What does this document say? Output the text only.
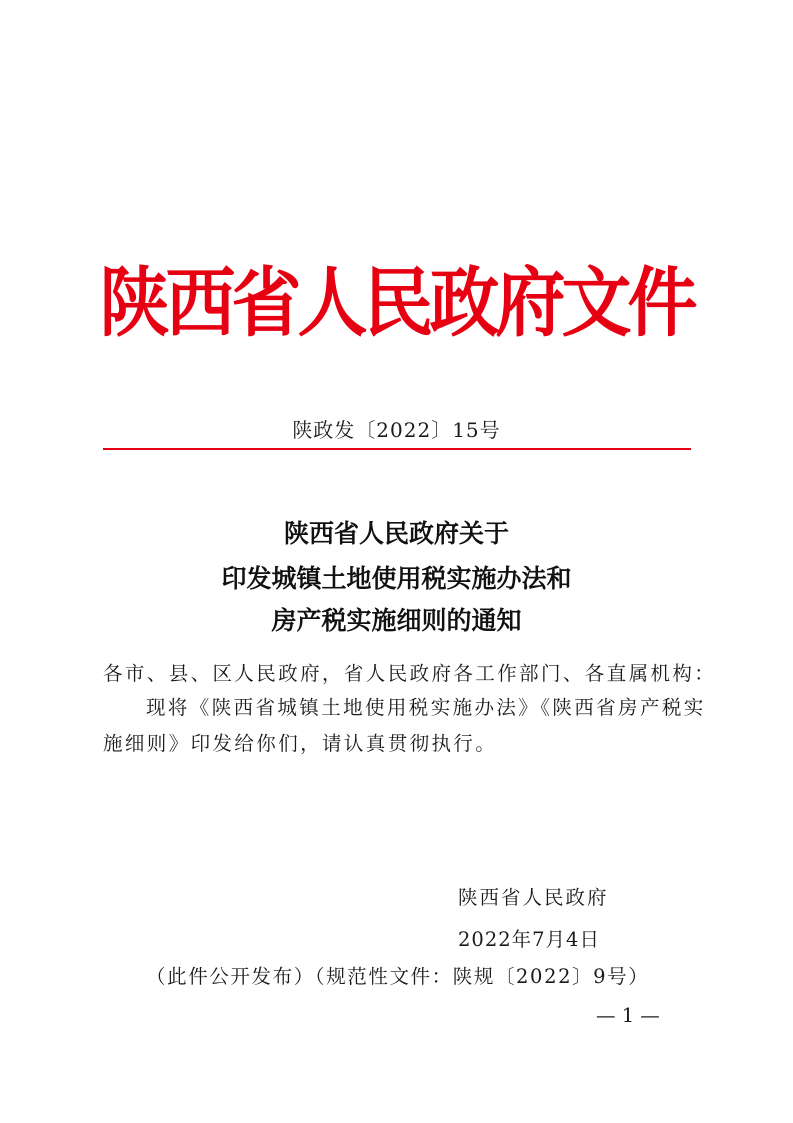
陕西省人民政府文件
陕政发〔2022〕15号
陕西省人民政府关于
印发城镇土地使用税实施办法和
房产税实施细则的通知
各市、县、区人民政府，省人民政府各工作部门、各直属机构：
现将《陕西省城镇土地使用税实施办法》《陕西省房产税实
施细则》印发给你们，请认真贯彻执行。
陕西省人民政府
2022年7月4日
（此件公开发布）（规范性文件：陕规〔2022〕9号）
— 1 —
